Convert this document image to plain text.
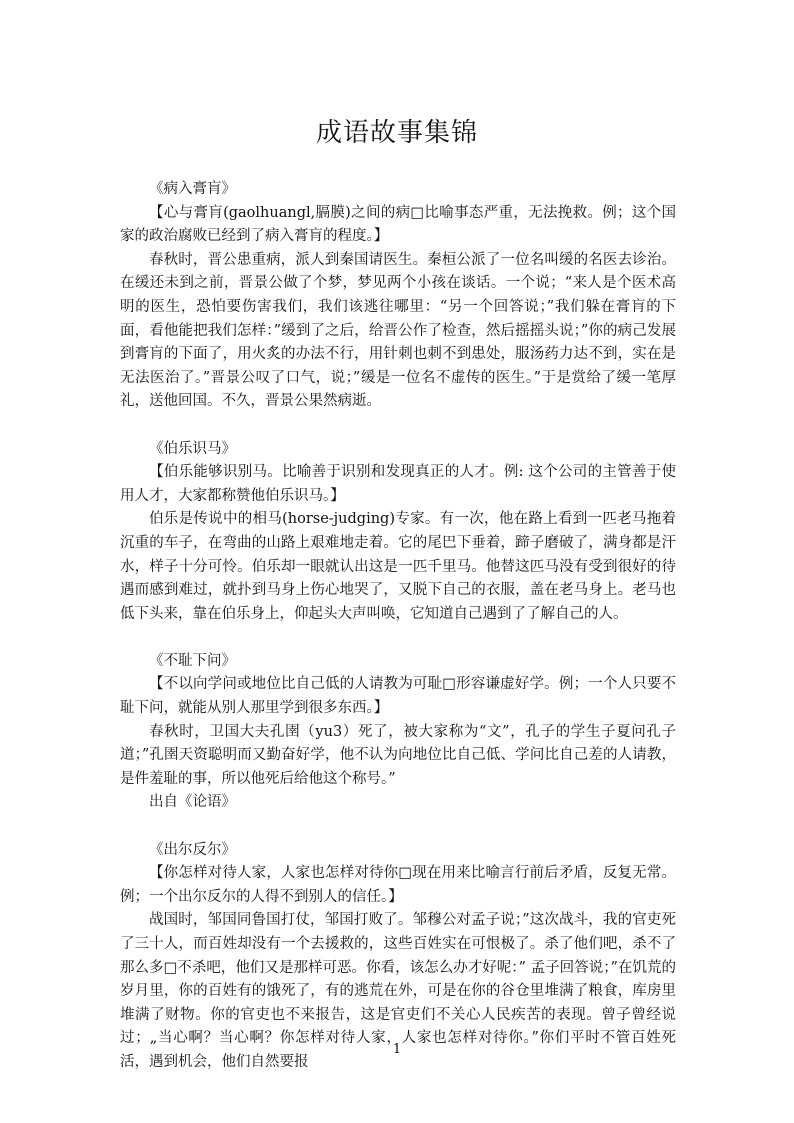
成语故事集锦

《病入膏肓》

【心与膏肓(gaolhuangl,膈膜)之间的病□比喻事态严重，无法挽救。例；这个国家的政治腐败已经到了病入膏肓的程度。】

春秋时，晋公患重病，派人到秦国请医生。秦桓公派了一位名叫缓的名医去诊治。在缓还未到之前，晋景公做了个梦，梦见两个小孩在谈话。一个说；“来人是个医术高明的医生，恐怕要伤害我们，我们该逃往哪里：“另一个回答说；”我们躲在膏肓的下面，看他能把我们怎样：”缓到了之后，给晋公作了检查，然后摇摇头说；”你的病己发展到膏肓的下面了，用火炙的办法不行，用针刺也刺不到患处，服汤药力达不到，实在是无法医治了。”晋景公叹了口气，说；”缓是一位名不虚传的医生。”于是赏给了缓一笔厚礼，送他回国。不久，晋景公果然病逝。

《伯乐识马》

【伯乐能够识别马。比喻善于识别和发现真正的人才。例: 这个公司的主管善于使用人才，大家都称赞他伯乐识马。】

伯乐是传说中的相马(horse-judging)专家。有一次，他在路上看到一匹老马拖着沉重的车子，在弯曲的山路上艰难地走着。它的尾巴下垂着，蹄子磨破了，满身都是汗水，样子十分可怜。伯乐却一眼就认出这是一匹千里马。他替这匹马没有受到很好的待遇而感到难过，就扑到马身上伤心地哭了，又脱下自己的衣服，盖在老马身上。老马也低下头来，靠在伯乐身上，仰起头大声叫唤，它知道自己遇到了了解自己的人。

《不耻下问》

【不以向学问或地位比自己低的人请教为可耻□形容谦虚好学。例；一个人只要不耻下问，就能从别人那里学到很多东西。】

春秋时，卫国大夫孔圉（yu3）死了，被大家称为“文”，孔子的学生子夏问孔子道；”孔圉天资聪明而又勤奋好学，他不认为向地位比自己低、学问比自己差的人请教，是件羞耻的事，所以他死后给他这个称号。”

出自《论语》

《出尔反尔》

【你怎样对待人家，人家也怎样对待你□现在用来比喻言行前后矛盾，反复无常。例；一个出尔反尔的人得不到别人的信任。】

战国时，邹国同鲁国打仗，邹国打败了。邹穆公对孟子说；”这次战斗，我的官吏死了三十人，而百姓却没有一个去援救的，这些百姓实在可恨极了。杀了他们吧，杀不了那么多□不杀吧，他们又是那样可恶。你看，该怎么办才好呢：” 孟子回答说；”在饥荒的岁月里，你的百姓有的饿死了，有的逃荒在外，可是在你的谷仓里堆满了粮食，库房里堆满了财物。你的官吏也不来报告，这是官吏们不关心人民疾苦的表现。曾子曾经说过；„当心啊？当心啊？你怎样对待人家，人家也怎样对待你。”你们平时不管百姓死活，遇到机会，他们自然要报

1
